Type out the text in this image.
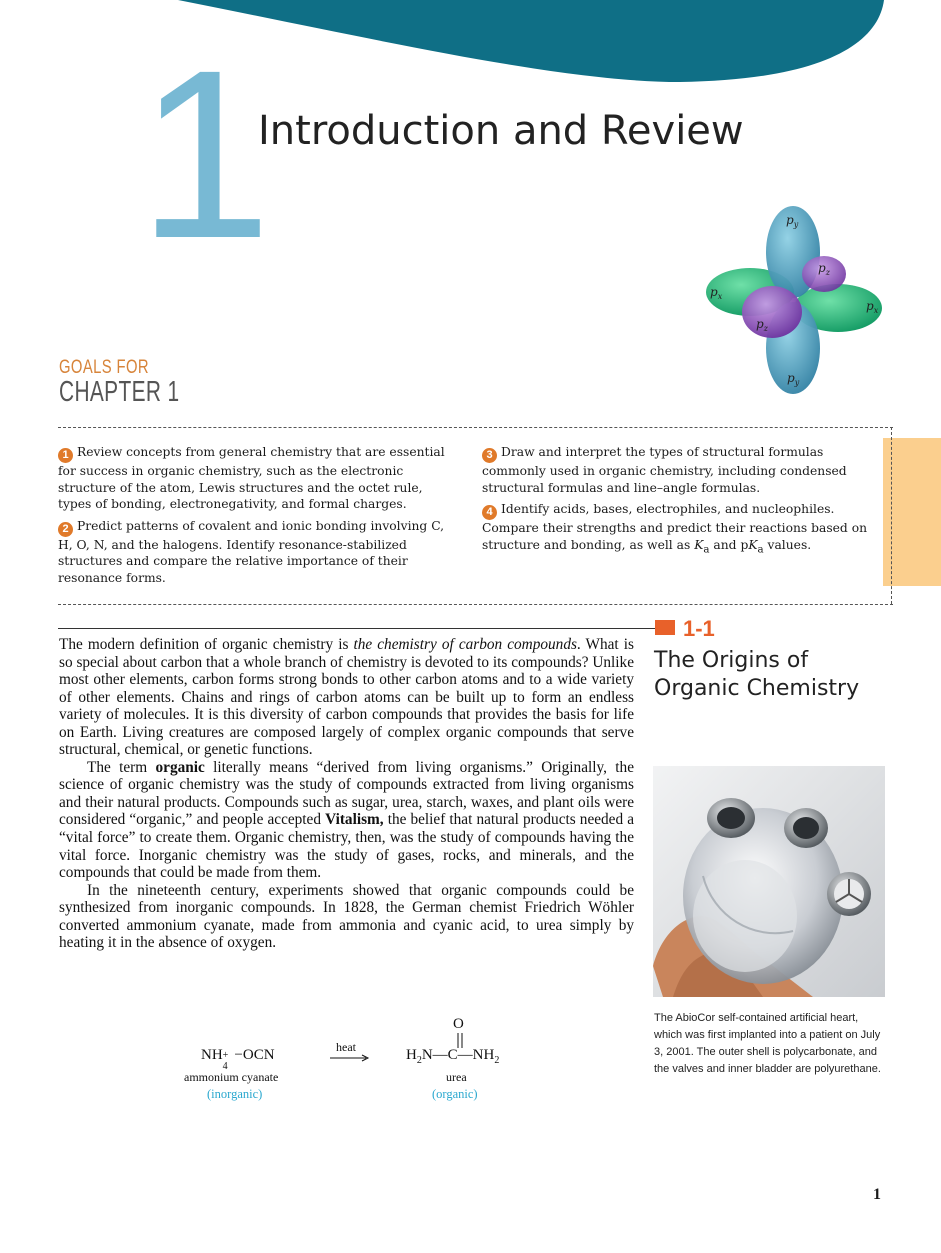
1
Introduction and Review
$p_y$
$p_z$
$p_x$
$p_x$
$p_z$
$p_y$
GOALS FOR
CHAPTER 1
1 Review concepts from general chemistry that are essential for success in organic chemistry, such as the electronic structure of the atom, Lewis structures and the octet rule, types of bonding, electronegativity, and formal charges.
2 Predict patterns of covalent and ionic bonding involving C, H, O, N, and the halogens. Identify resonance-stabilized structures and compare the relative importance of their resonance forms.
3 Draw and interpret the types of structural formulas commonly used in organic chemistry, including condensed structural formulas and line–angle formulas.
4 Identify acids, bases, electrophiles, and nucleophiles. Compare their strengths and predict their reactions based on structure and bonding, as well as $K_a$ and $pK_a$ values.
1-1
The Origins of Organic Chemistry

The modern definition of organic chemistry is the chemistry of carbon compounds. What is so special about carbon that a whole branch of chemistry is devoted to its compounds? Unlike most other elements, carbon forms strong bonds to other carbon atoms and to a wide variety of other elements. Chains and rings of carbon atoms can be built up to form an endless variety of molecules. It is this diversity of carbon compounds that provides the basis for life on Earth. Living creatures are composed largely of complex organic compounds that serve structural, chemical, or genetic functions.

The term organic literally means “derived from living organisms.” Originally, the science of organic chemistry was the study of compounds extracted from living organisms and their natural products. Compounds such as sugar, urea, starch, waxes, and plant oils were considered “organic,” and people accepted Vitalism, the belief that natural products needed a “vital force” to create them. Organic chemistry, then, was the study of compounds having the vital force. Inorganic chemistry was the study of gases, rocks, and minerals, and the compounds that could be made from them.

In the nineteenth century, experiments showed that organic compounds could be synthesized from inorganic compounds. In 1828, the German chemist Friedrich Wöhler converted ammonium cyanate, made from ammonia and cyanic acid, to urea simply by heating it in the absence of oxygen.

The AbioCor self-contained artificial heart, which was first implanted into a patient on July 3, 2001. The outer shell is polycarbonate, and the valves and inner bladder are polyurethane.
NH +
4
−OCN
ammonium cyanate
(inorganic)
heat
O
$H_2N—C—NH_2$
urea
(organic)
1
